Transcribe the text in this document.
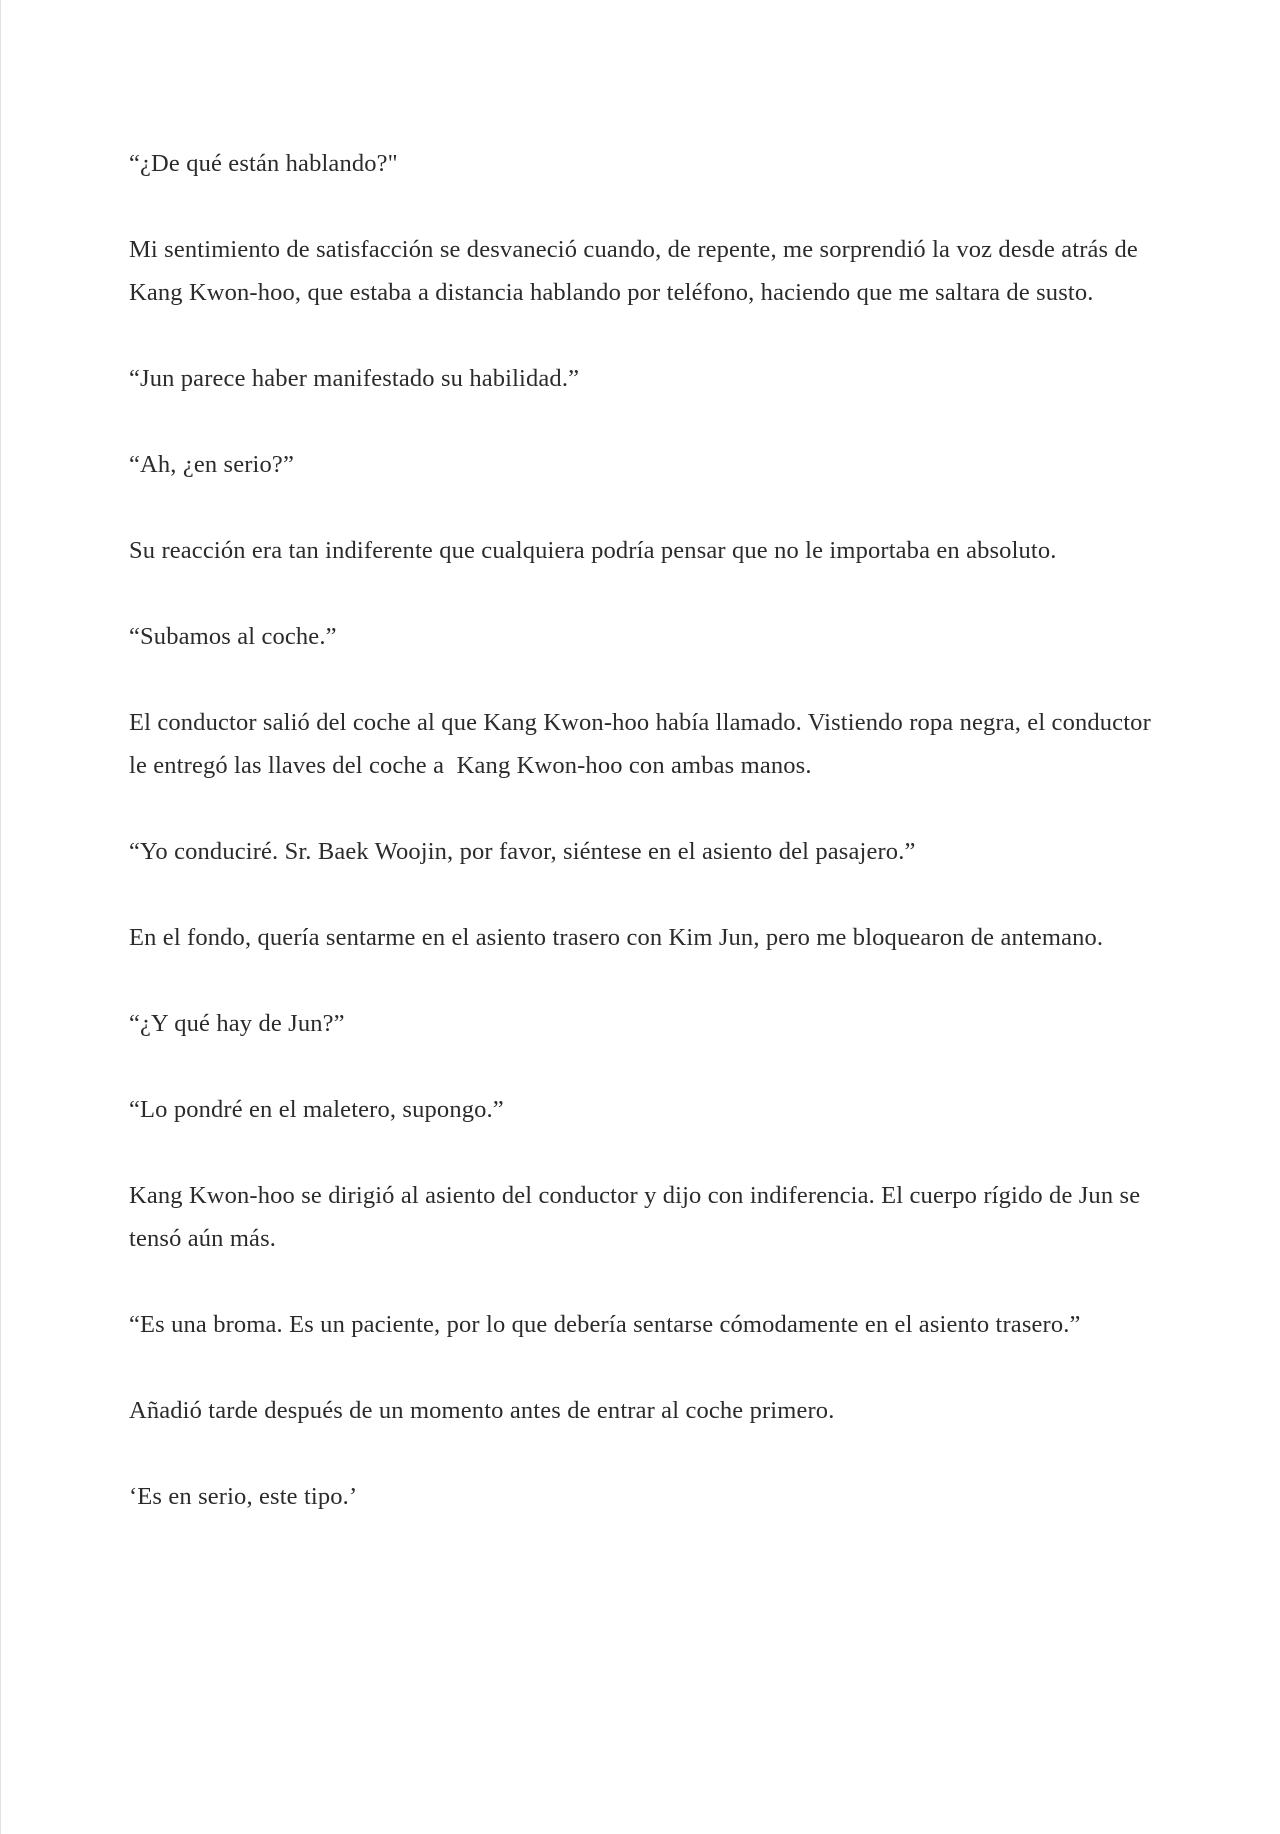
“¿De qué están hablando?"

Mi sentimiento de satisfacción se desvaneció cuando, de repente, me sorprendió la voz desde atrás de Kang Kwon-hoo, que estaba a distancia hablando por teléfono, haciendo que me saltara de susto.

“Jun parece haber manifestado su habilidad.”

“Ah, ¿en serio?”

Su reacción era tan indiferente que cualquiera podría pensar que no le importaba en absoluto.

“Subamos al coche.”

El conductor salió del coche al que Kang Kwon-hoo había llamado. Vistiendo ropa negra, el conductor le entregó las llaves del coche a  Kang Kwon-hoo con ambas manos.

“Yo conduciré. Sr. Baek Woojin, por favor, siéntese en el asiento del pasajero.”

En el fondo, quería sentarme en el asiento trasero con Kim Jun, pero me bloquearon de antemano.

“¿Y qué hay de Jun?”

“Lo pondré en el maletero, supongo.”

Kang Kwon-hoo se dirigió al asiento del conductor y dijo con indiferencia. El cuerpo rígido de Jun se tensó aún más.

“Es una broma. Es un paciente, por lo que debería sentarse cómodamente en el asiento trasero.”

Añadió tarde después de un momento antes de entrar al coche primero.

‘Es en serio, este tipo.’
